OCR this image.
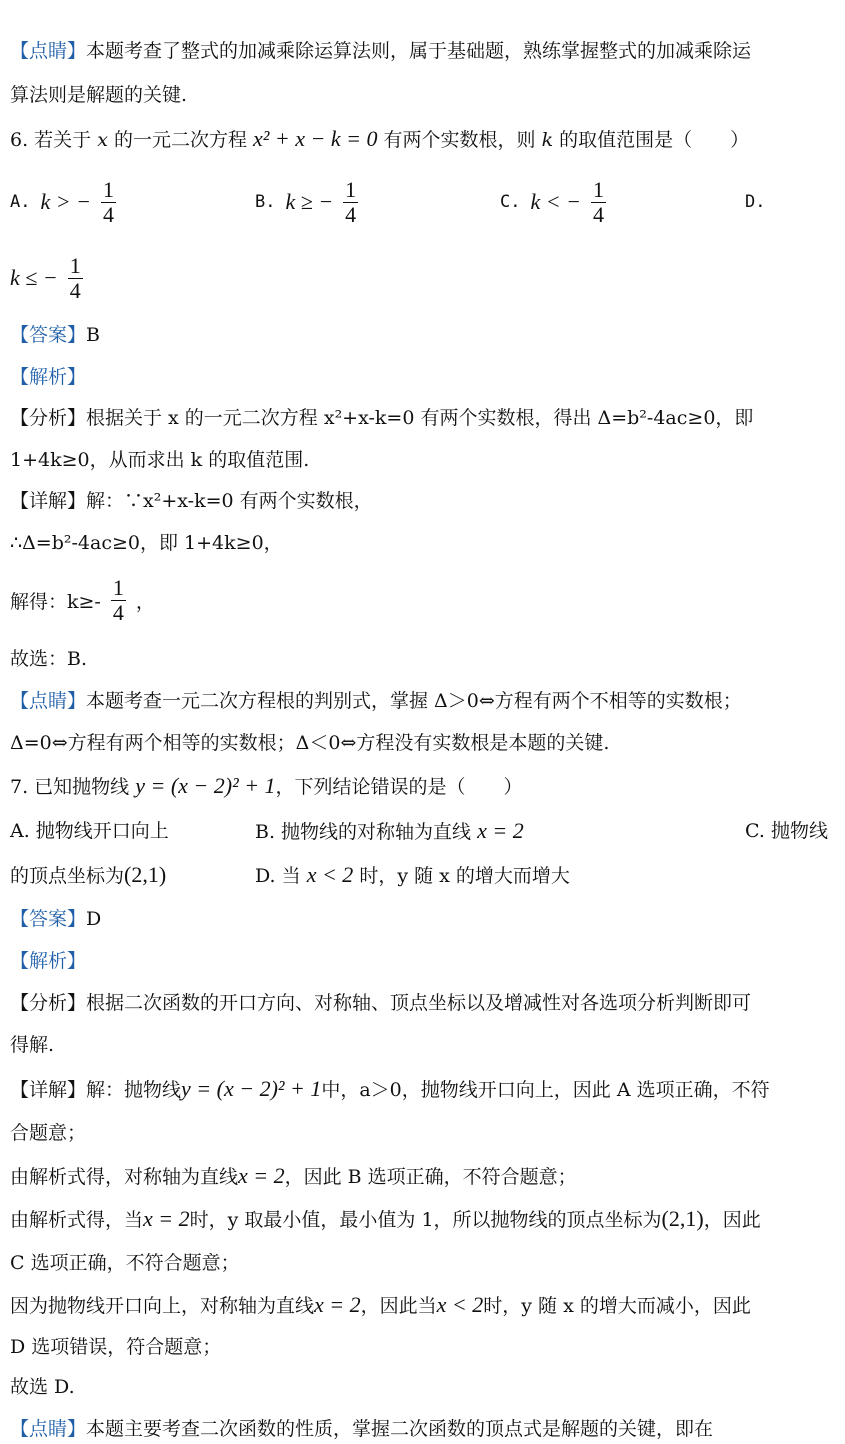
【点睛】本题考查了整式的加减乘除运算法则，属于基础题，熟练掌握整式的加减乘除运
算法则是解题的关键.
6. 若关于 x 的一元二次方程 x² + x − k = 0 有两个实数根，则 k 的取值范围是（　　）
A. k > − $\frac{1}{4}$	B. k ≥ − $\frac{1}{4}$	C. k < − $\frac{1}{4}$	D.
k ≤ − $\frac{1}{4}$
【答案】B
【解析】
【分析】根据关于 x 的一元二次方程 x²+x-k=0 有两个实数根，得出 Δ=b²-4ac≥0，即
1+4k≥0，从而求出 k 的取值范围.
【详解】解：∵x²+x-k=0 有两个实数根，
∴Δ=b²-4ac≥0，即 1+4k≥0，
解得：$k\ge- \frac{1}{4}$ ，
故选：B.
【点睛】本题考查一元二次方程根的判别式，掌握 Δ＞0⇔方程有两个不相等的实数根；
Δ=0⇔方程有两个相等的实数根；Δ＜0⇔方程没有实数根是本题的关键.
7. 已知抛物线 y = (x − 2)² + 1，下列结论错误的是（　　）
A. 抛物线开口向上	B. 抛物线的对称轴为直线 x = 2	C. 抛物线
的顶点坐标为(2,1)	D. 当 x < 2 时，y 随 x 的增大而增大
【答案】D
【解析】
【分析】根据二次函数的开口方向、对称轴、顶点坐标以及增减性对各选项分析判断即可
得解.
【详解】解：抛物线y = (x − 2)² + 1中，a＞0，抛物线开口向上，因此 A 选项正确，不符
合题意；
由解析式得，对称轴为直线x = 2，因此 B 选项正确，不符合题意；
由解析式得，当x = 2时，y 取最小值，最小值为 1，所以抛物线的顶点坐标为(2,1)，因此
C 选项正确，不符合题意；
因为抛物线开口向上，对称轴为直线x = 2，因此当x < 2时，y 随 x 的增大而减小，因此
D 选项错误，符合题意；
故选 D.
【点睛】本题主要考查二次函数的性质，掌握二次函数的顶点式是解题的关键，即在
